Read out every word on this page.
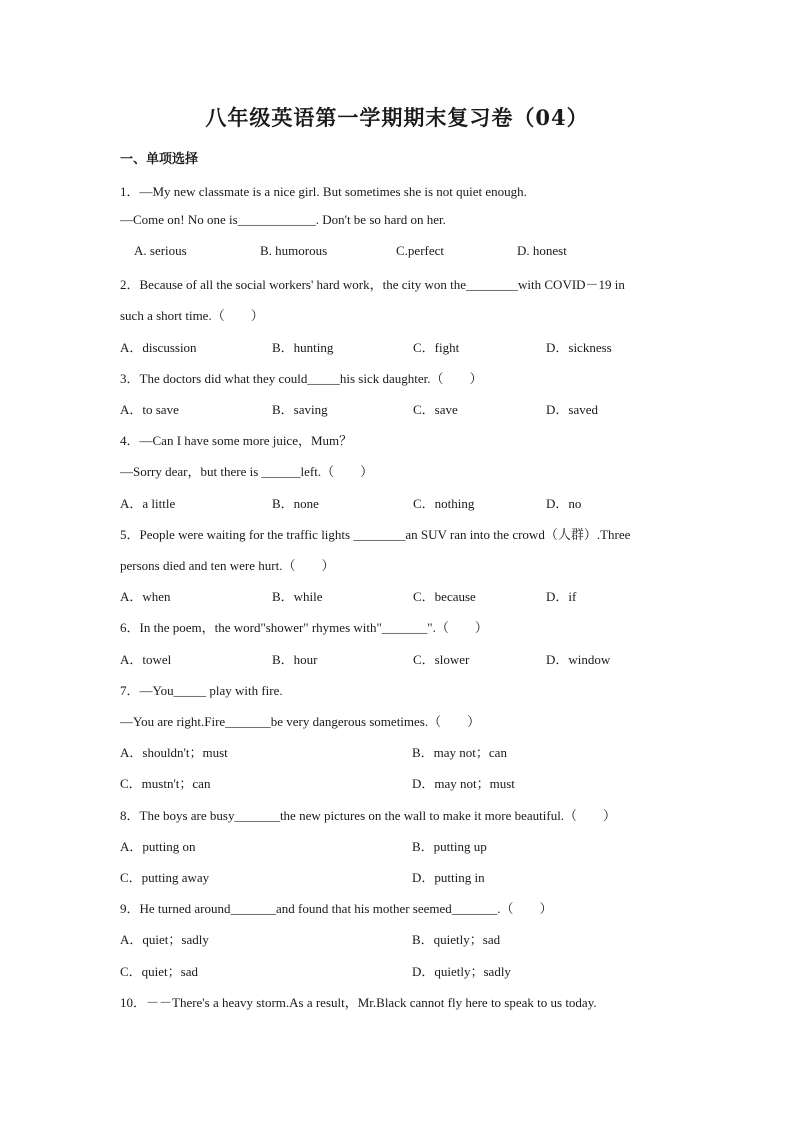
八年级英语第一学期期末复习卷（04）
一、单项选择
1．—My new classmate is a nice girl. But sometimes she is not quiet enough.
—Come on! No one is____________. Don't be so hard on her.
A. serious	B. humorous	C.perfect	D. honest
2．Because of all the social workers' hard work，the city won the________with COVID－19 in
such a short time.（　　）
A．discussion	B．hunting	C．fight	D．sickness
3．The doctors did what they could_____his sick daughter.（　　）
A．to save	B．saving	C．save	D．saved
4．—Can I have some more juice，Mum？
—Sorry dear，but there is ______left.（　　）
A．a little	B．none	C．nothing	D．no
5．People were waiting for the traffic lights ________an SUV ran into the crowd（人群）.Three
persons died and ten were hurt.（　　）
A．when	B．while	C．because	D．if
6．In the poem，the word"shower" rhymes with"_______".（　　）
A．towel	B．hour	C．slower	D．window
7．—You_____ play with fire.
—You are right.Fire_______be very dangerous sometimes.（　　）
A．shouldn't；must	B．may not；can
C．mustn't；can	D．may not；must
8．The boys are busy_______the new pictures on the wall to make it more beautiful.（　　）
A．putting on	B．putting up
C．putting away	D．putting in
9．He turned around_______and found that his mother seemed_______.（　　）
A．quiet；sadly	B．quietly；sad
C．quiet；sad	D．quietly；sadly
10．－－There's a heavy storm.As a result，Mr.Black cannot fly here to speak to us today.
